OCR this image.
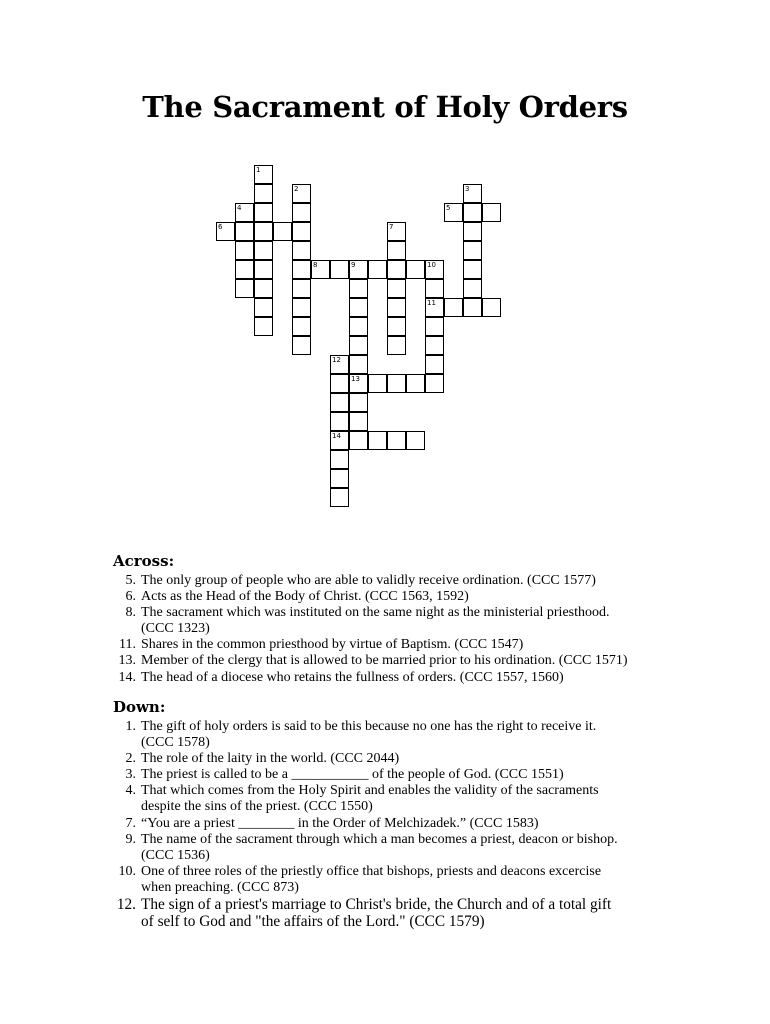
The Sacrament of Holy Orders
1
2
4
6
8	9	10
13
7
11
3
5
12
14
Across:
5. The only group of people who are able to validly receive ordination. (CCC 1577)
6. Acts as the Head of the Body of Christ. (CCC 1563, 1592)
8. The sacrament which was instituted on the same night as the ministerial priesthood.
(CCC 1323)
11. Shares in the common priesthood by virtue of Baptism. (CCC 1547)
13. Member of the clergy that is allowed to be married prior to his ordination. (CCC 1571)
14. The head of a diocese who retains the fullness of orders. (CCC 1557, 1560)
Down:
1. The gift of holy orders is said to be this because no one has the right to receive it.
(CCC 1578)
2. The role of the laity in the world. (CCC 2044)
3. The priest is called to be a ___________ of the people of God. (CCC 1551)
4. That which comes from the Holy Spirit and enables the validity of the sacraments
despite the sins of the priest. (CCC 1550)
7. “You are a priest ________ in the Order of Melchizadek.” (CCC 1583)
9. The name of the sacrament through which a man becomes a priest, deacon or bishop.
(CCC 1536)
10. One of three roles of the priestly office that bishops, priests and deacons excercise
when preaching. (CCC 873)
12. The sign of a priest's marriage to Christ's bride, the Church and of a total gift
of self to God and "the affairs of the Lord." (CCC 1579)
